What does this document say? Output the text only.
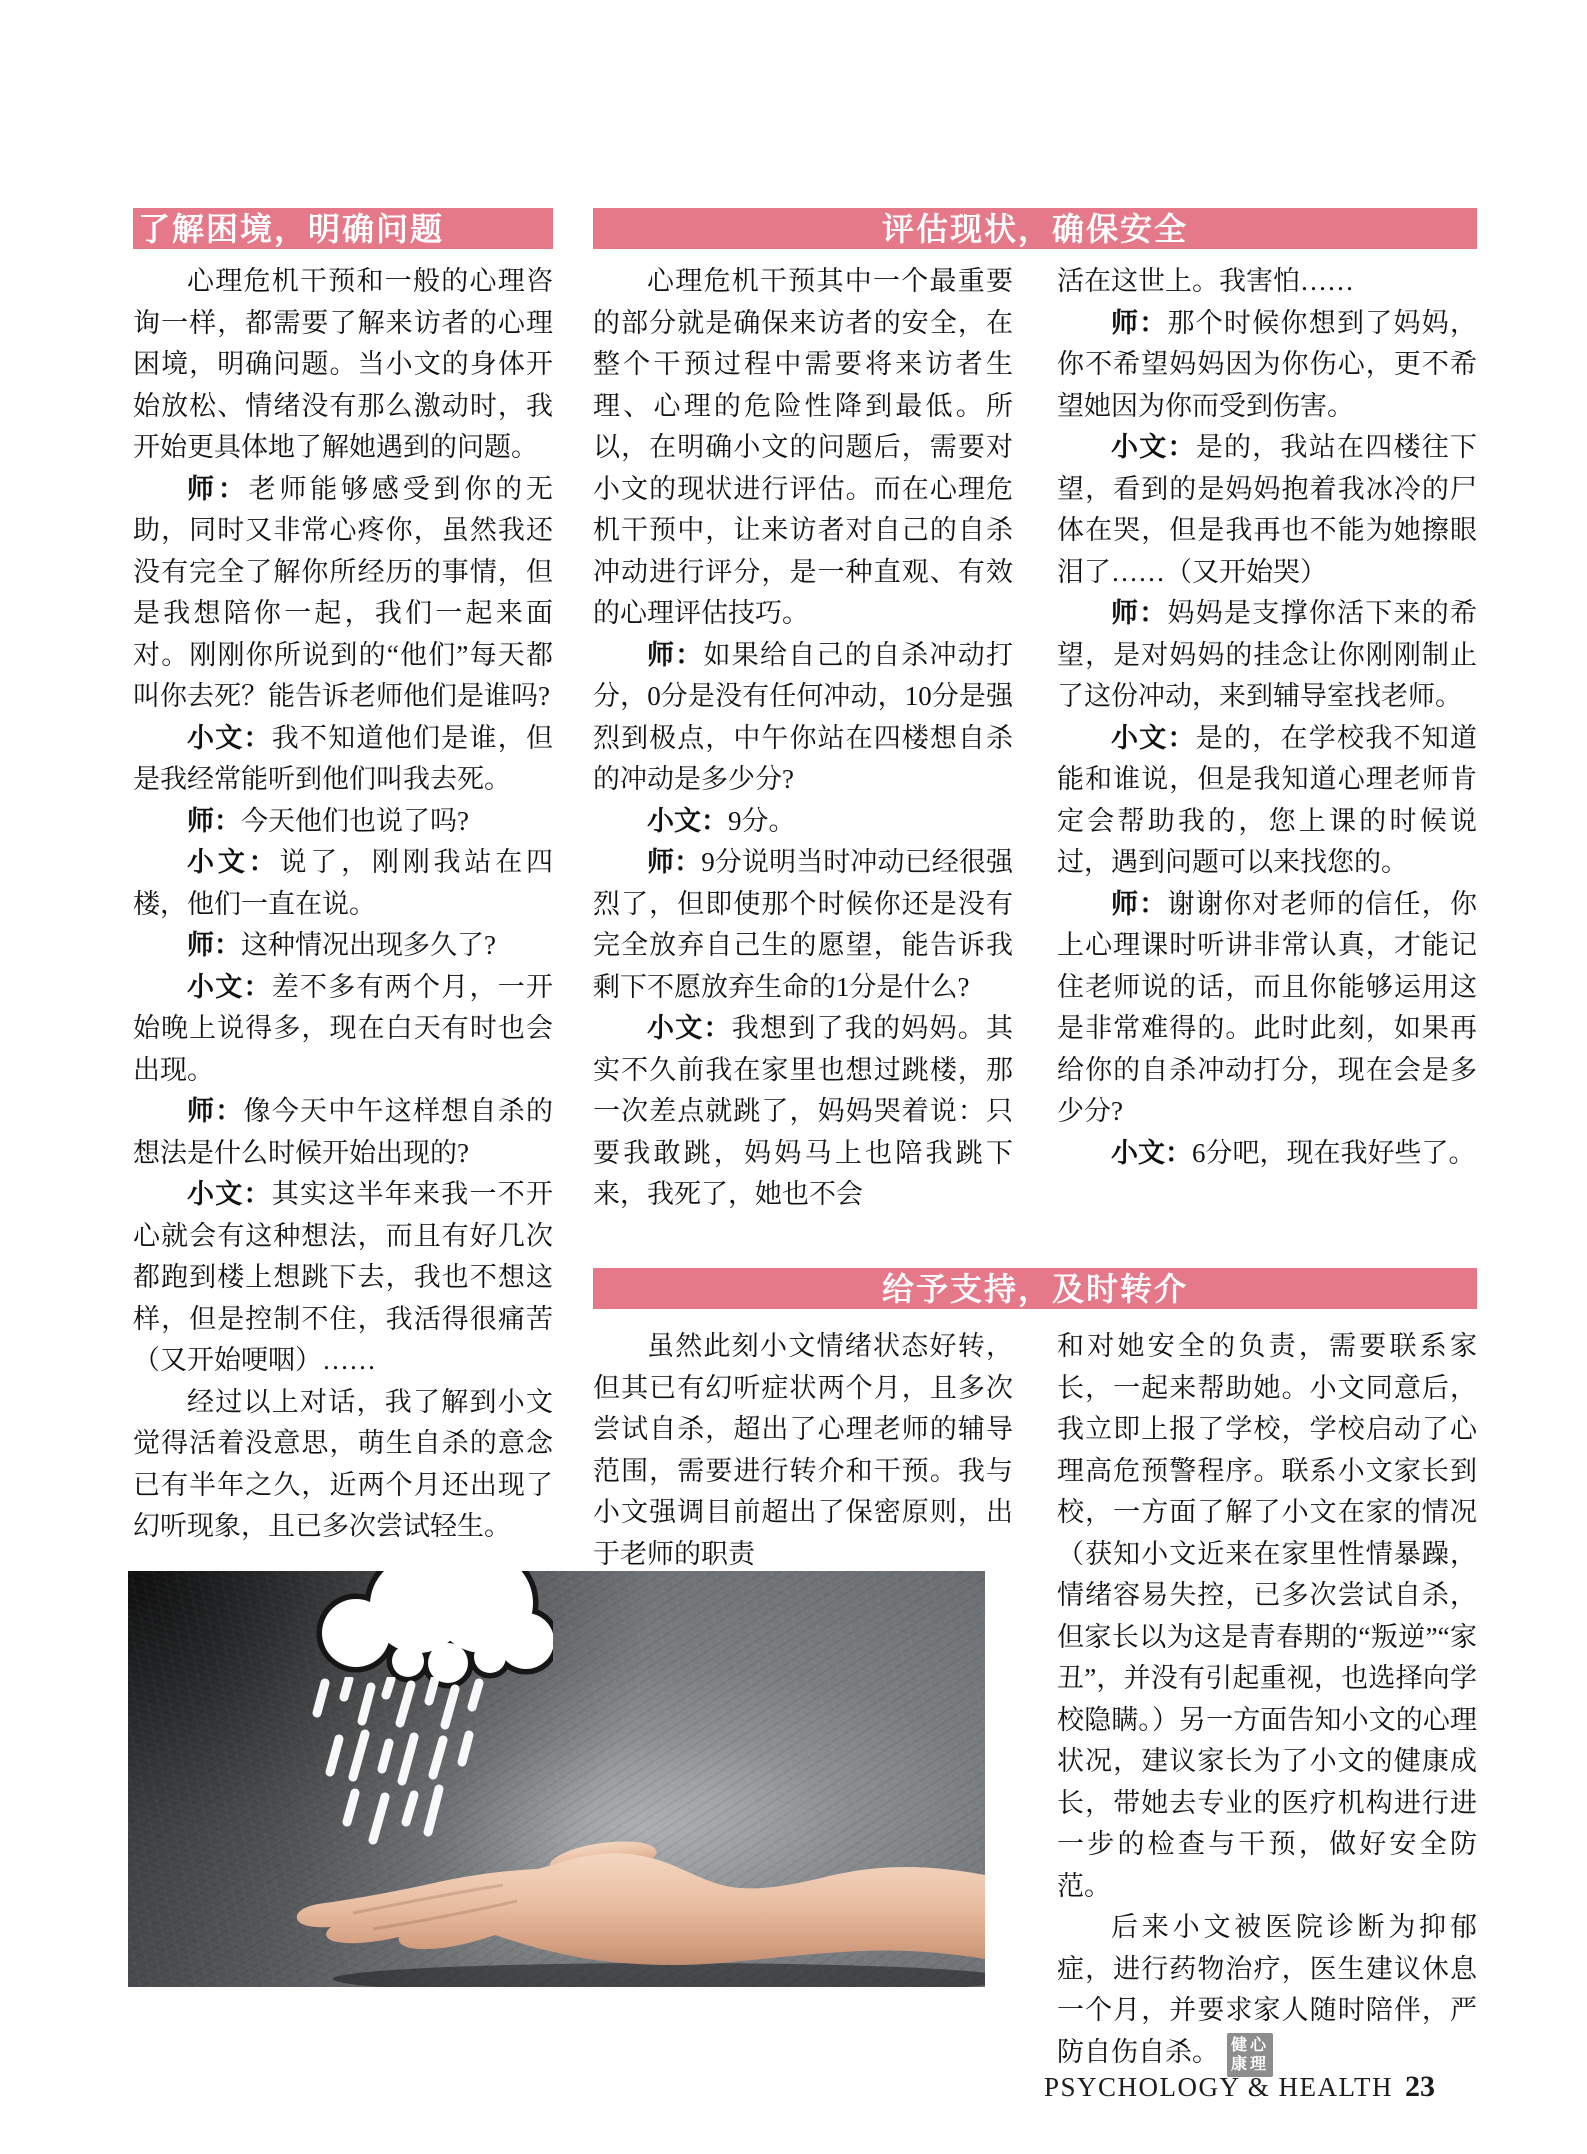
了解困境，明确问题	评估现状，确保安全
给予支持，及时转介

心理危机干预和一般的心理咨询一样，都需要了解来访者的心理困境，明确问题。当小文的身体开始放松、情绪没有那么激动时，我开始更具体地了解她遇到的问题。

师：老师能够感受到你的无助，同时又非常心疼你，虽然我还没有完全了解你所经历的事情，但是我想陪你一起，我们一起来面对。刚刚你所说到的“他们”每天都叫你去死？能告诉老师他们是谁吗?

小文：我不知道他们是谁，但是我经常能听到他们叫我去死。

师：今天他们也说了吗?

小文：说了，刚刚我站在四楼，他们一直在说。

师：这种情况出现多久了?

小文：差不多有两个月，一开始晚上说得多，现在白天有时也会出现。

师：像今天中午这样想自杀的想法是什么时候开始出现的?

小文：其实这半年来我一不开心就会有这种想法，而且有好几次都跑到楼上想跳下去，我也不想这样，但是控制不住，我活得很痛苦（又开始哽咽）……

经过以上对话，我了解到小文觉得活着没意思，萌生自杀的意念已有半年之久，近两个月还出现了幻听现象，且已多次尝试轻生。

心理危机干预其中一个最重要的部分就是确保来访者的安全，在整个干预过程中需要将来访者生理、心理的危险性降到最低。所以，在明确小文的问题后，需要对小文的现状进行评估。而在心理危机干预中，让来访者对自己的自杀冲动进行评分，是一种直观、有效的心理评估技巧。

师：如果给自己的自杀冲动打分，0分是没有任何冲动，10分是强烈到极点，中午你站在四楼想自杀的冲动是多少分?

小文：9分。

师：9分说明当时冲动已经很强烈了，但即使那个时候你还是没有完全放弃自己生的愿望，能告诉我剩下不愿放弃生命的1分是什么?

小文：我想到了我的妈妈。其实不久前我在家里也想过跳楼，那一次差点就跳了，妈妈哭着说：只要我敢跳，妈妈马上也陪我跳下来，我死了，她也不会

活在这世上。我害怕……

师：那个时候你想到了妈妈，你不希望妈妈因为你伤心，更不希望她因为你而受到伤害。

小文：是的，我站在四楼往下望，看到的是妈妈抱着我冰冷的尸体在哭，但是我再也不能为她擦眼泪了……（又开始哭）

师：妈妈是支撑你活下来的希望，是对妈妈的挂念让你刚刚制止了这份冲动，来到辅导室找老师。

小文：是的，在学校我不知道能和谁说，但是我知道心理老师肯定会帮助我的，您上课的时候说过，遇到问题可以来找您的。

师：谢谢你对老师的信任，你上心理课时听讲非常认真，才能记住老师说的话，而且你能够运用这是非常难得的。此时此刻，如果再给你的自杀冲动打分，现在会是多少分?

小文：6分吧，现在我好些了。

虽然此刻小文情绪状态好转，但其已有幻听症状两个月，且多次尝试自杀，超出了心理老师的辅导范围，需要进行转介和干预。我与小文强调目前超出了保密原则，出于老师的职责

和对她安全的负责，需要联系家长，一起来帮助她。小文同意后，我立即上报了学校，学校启动了心理高危预警程序。联系小文家长到校，一方面了解了小文在家的情况（获知小文近来在家里性情暴躁，情绪容易失控，已多次尝试自杀，但家长以为这是青春期的“叛逆”“家丑”，并没有引起重视，也选择向学校隐瞒。）另一方面告知小文的心理状况，建议家长为了小文的健康成长，带她去专业的医疗机构进行进一步的检查与干预，做好安全防范。

后来小文被医院诊断为抑郁症，进行药物治疗，医生建议休息一个月，并要求家人随时陪伴，严防自伤自杀。 健心
康理

PSYCHOLOGY & HEALTH 23
